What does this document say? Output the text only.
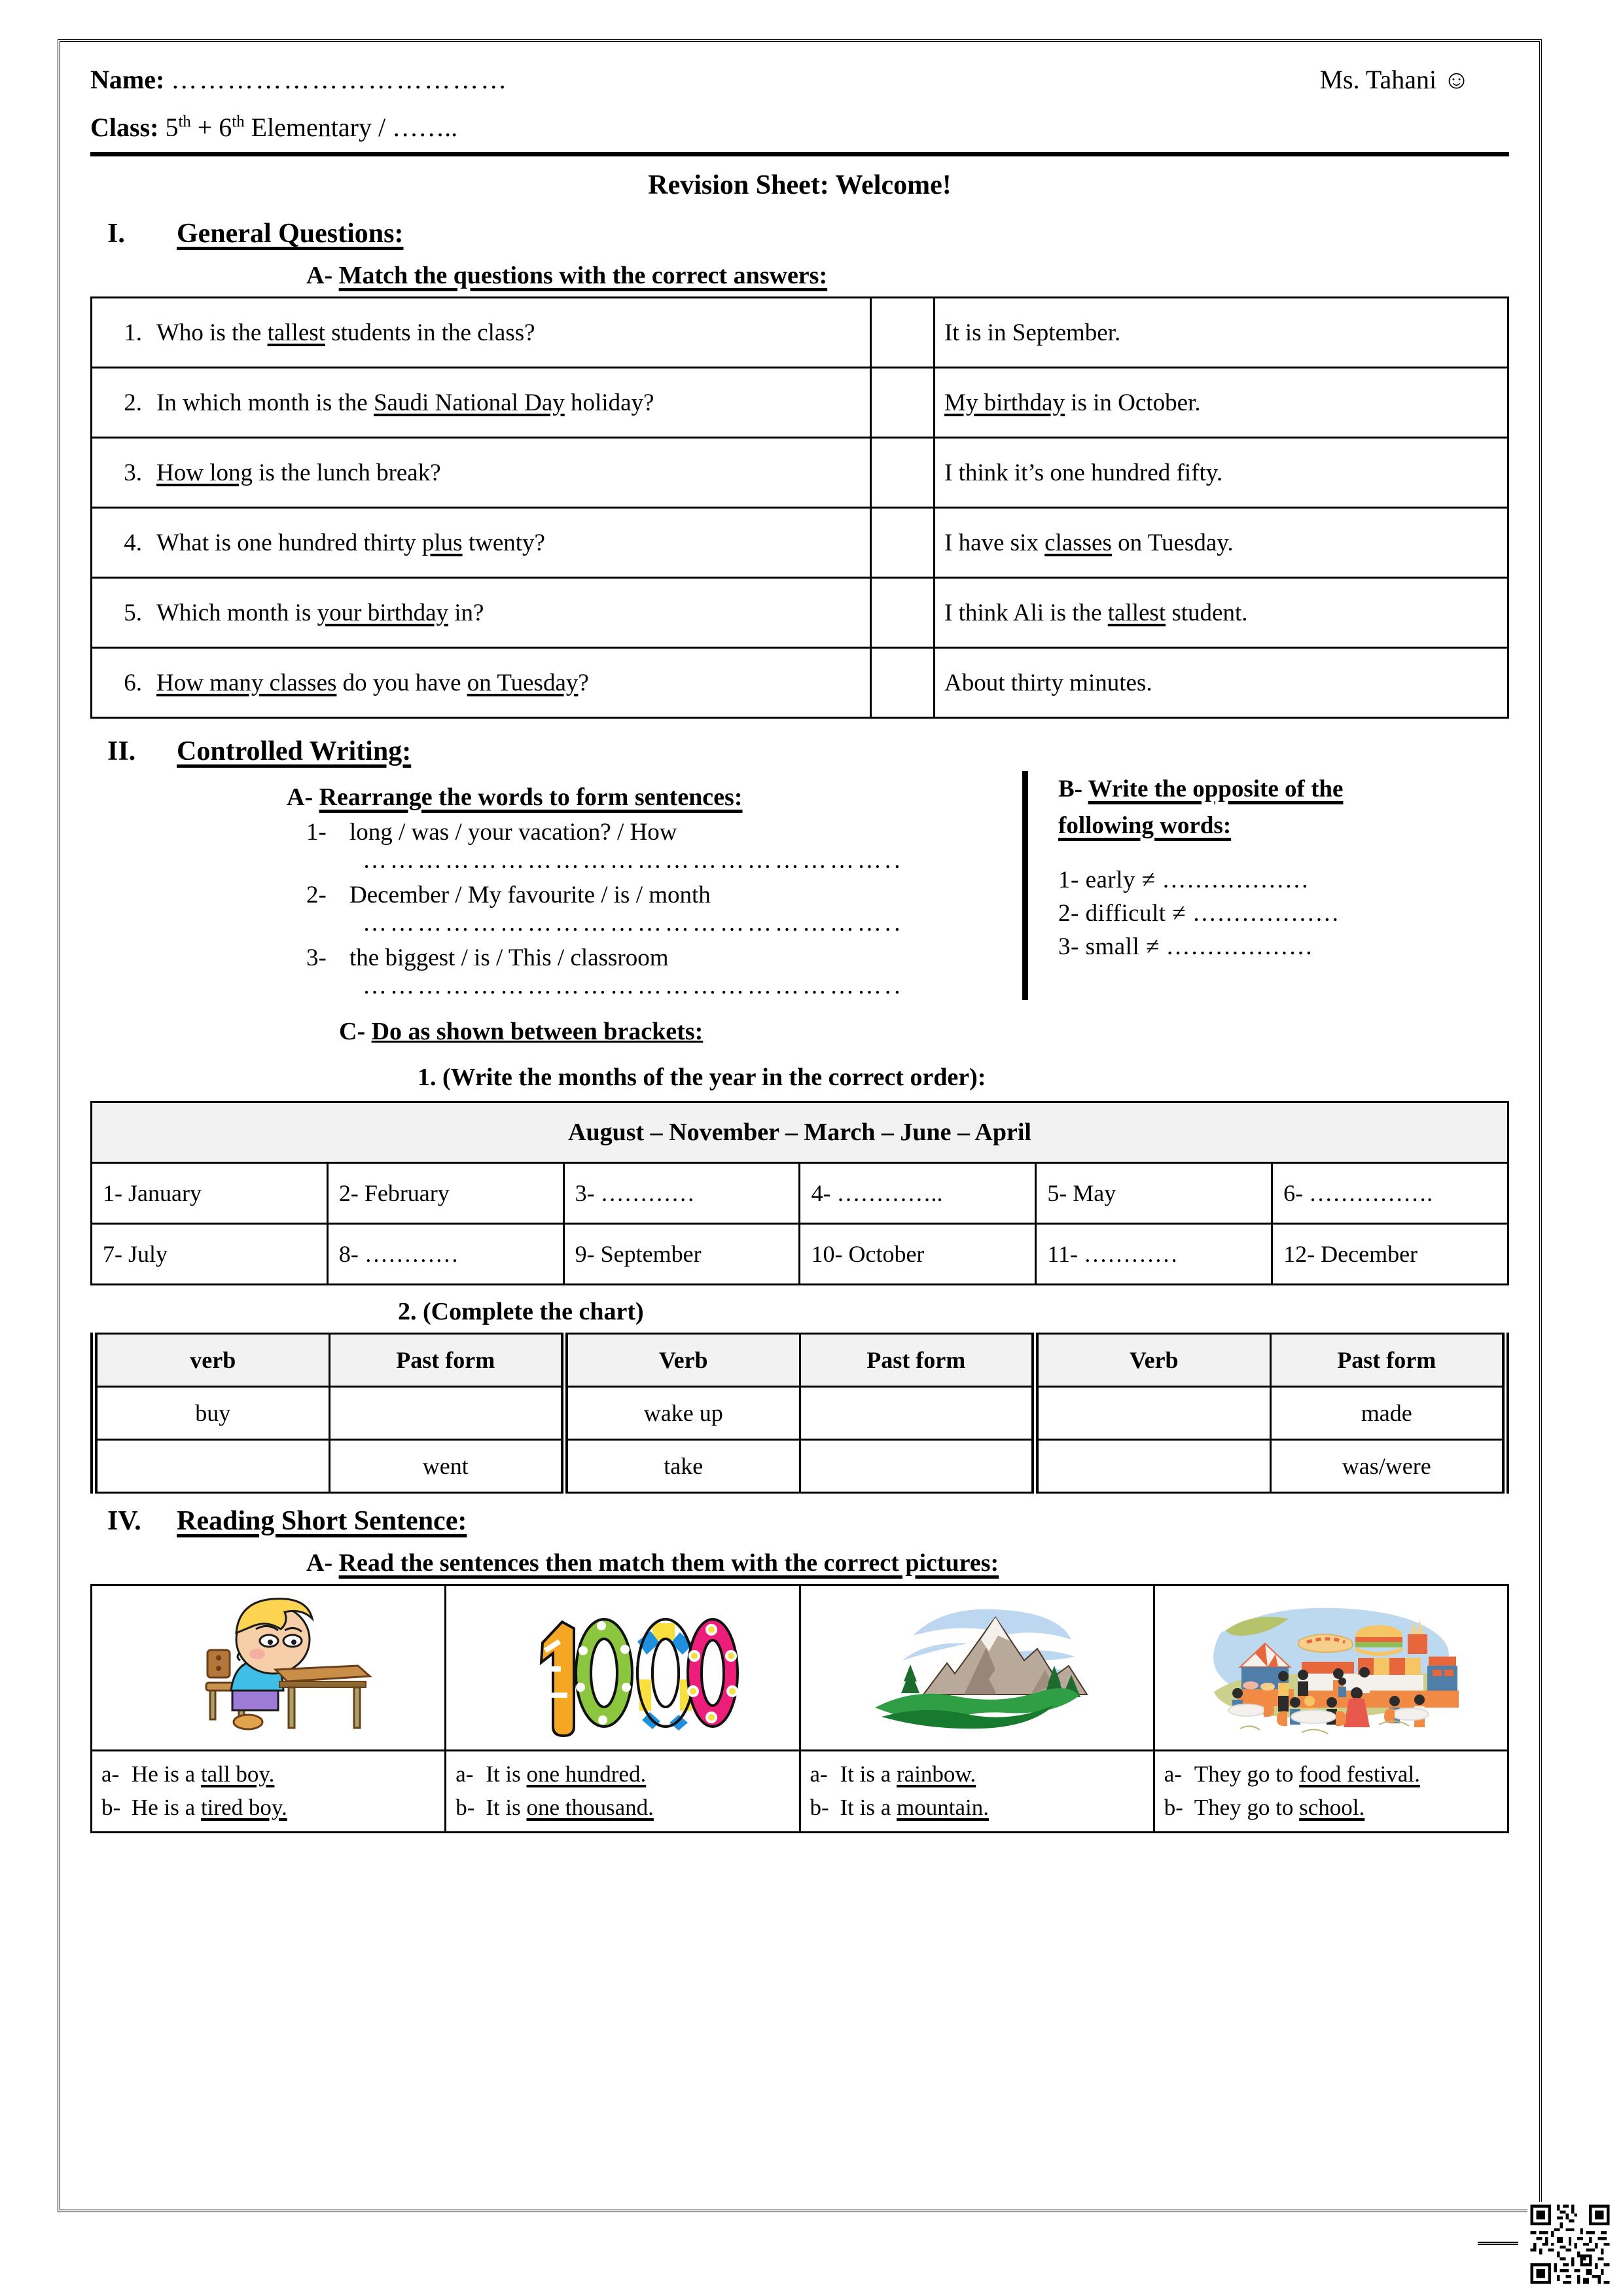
Name: ………………………………	Ms. Tahani ☺
Class: 5th + 6th Elementary / ……..
Revision Sheet: Welcome!
I.	General Questions:
A- Match the questions with the correct answers:
1. Who is the tallest students in the class?		It is in September.
2. In which month is the Saudi National Day holiday?		My birthday is in October.
3. How long is the lunch break?		I think it’s one hundred fifty.
4. What is one hundred thirty plus twenty?		I have six classes on Tuesday.
5. Which month is your birthday in?		I think Ali is the tallest student.
6. How many classes do you have on Tuesday?		About thirty minutes.
II.	Controlled Writing:
A- Rearrange the words to form sentences:
1- long / was / your vacation? / How
…………………………………………………..
2- December / My favourite / is / month
…………………………………………………..
3- the biggest / is / This / classroom
…………………………………………………..
B- Write the opposite of the
following words:
1- early ≠ ………………
2- difficult ≠ ………………
3- small ≠ ………………
C- Do as shown between brackets:
1. (Write the months of the year in the correct order):
August – November – March – June – April					
1- January	2- February	3- …………	4- …………..	5- May	6- …………….
7- July	8- …………	9- September	10- October	11- …………	12- December
2. (Complete the chart)
verb	Past form	Verb	Past form	Verb	Past form
buy		wake up			made
	went	take			was/were
IV.	Reading Short Sentence:
A- Read the sentences then match them with the correct pictures:

a- He is a tall boy.
b- He is a tired boy.

a- It is one hundred.
b- It is one thousand.

a- It is a rainbow.
b- It is a mountain.

a- They go to food festival.
b- They go to school.
